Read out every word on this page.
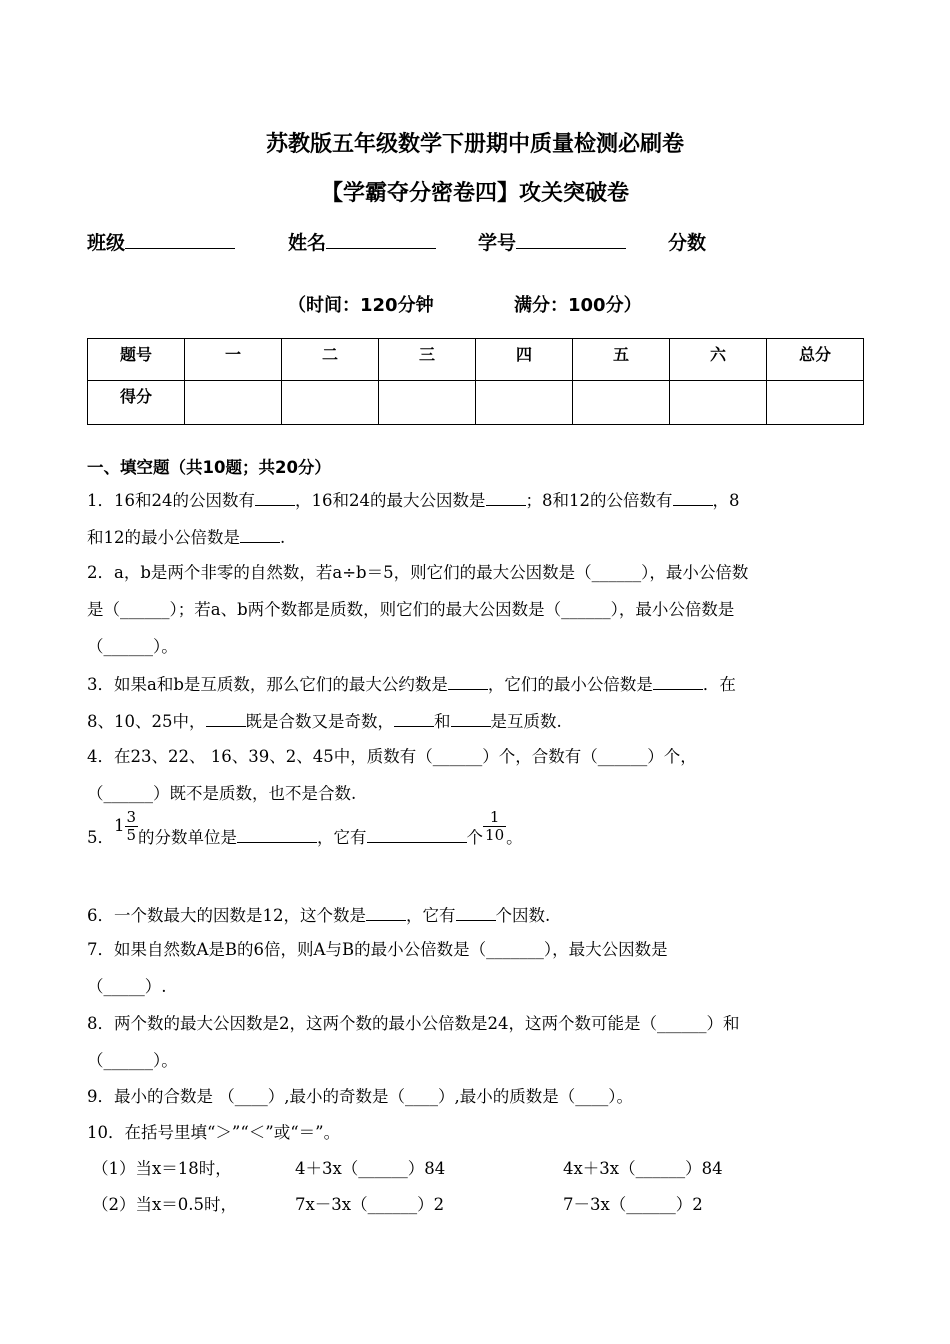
苏教版五年级数学下册期中质量检测必刷卷
【学霸夺分密卷四】攻关突破卷
班级	姓名	学号	分数
（时间：120分钟	满分：100分）
题号	一	二	三	四	五	六	总分
得分							
一、填空题（共10题；共20分）
1．16和24的公因数有 ，16和24的最大公因数是 ；8和12的公倍数有 ，8
和12的最小公倍数是 .
2．a，b是两个非零的自然数，若a÷b＝5，则它们的最大公因数是（______），最小公倍数
是（______）；若a、b两个数都是质数，则它们的最大公因数是（______），最小公倍数是
（______）。
3．如果a和b是互质数，那么它们的最大公约数是 ，它们的最小公倍数是	．在
8、10、25中， 既是合数又是奇数， 和 是互质数.
4．在23、22、 16、39、2、45中，质数有（______）个，合数有（______）个，
（______）既不是质数，也不是合数.
5．$1 \frac{3}{5}$ 的分数单位是	，它有	个 $\frac{1}{10}$ 。
6．一个数最大的因数是12，这个数是 ，它有 个因数.
7．如果自然数A是B的6倍，则A与B的最小公倍数是（_______），最大公因数是
（_____）.
8．两个数的最大公因数是2，这两个数的最小公倍数是24，这两个数可能是（______）和
（______）。
9．最小的合数是 （____）,最小的奇数是（____）,最小的质数是（____）。
10．在括号里填“＞”“＜”或“＝”。
（1）当x＝18时，	4＋3x（______）84	4x＋3x（______）84
（2）当x＝0.5时，	7x－3x（______）2	7－3x（______）2
